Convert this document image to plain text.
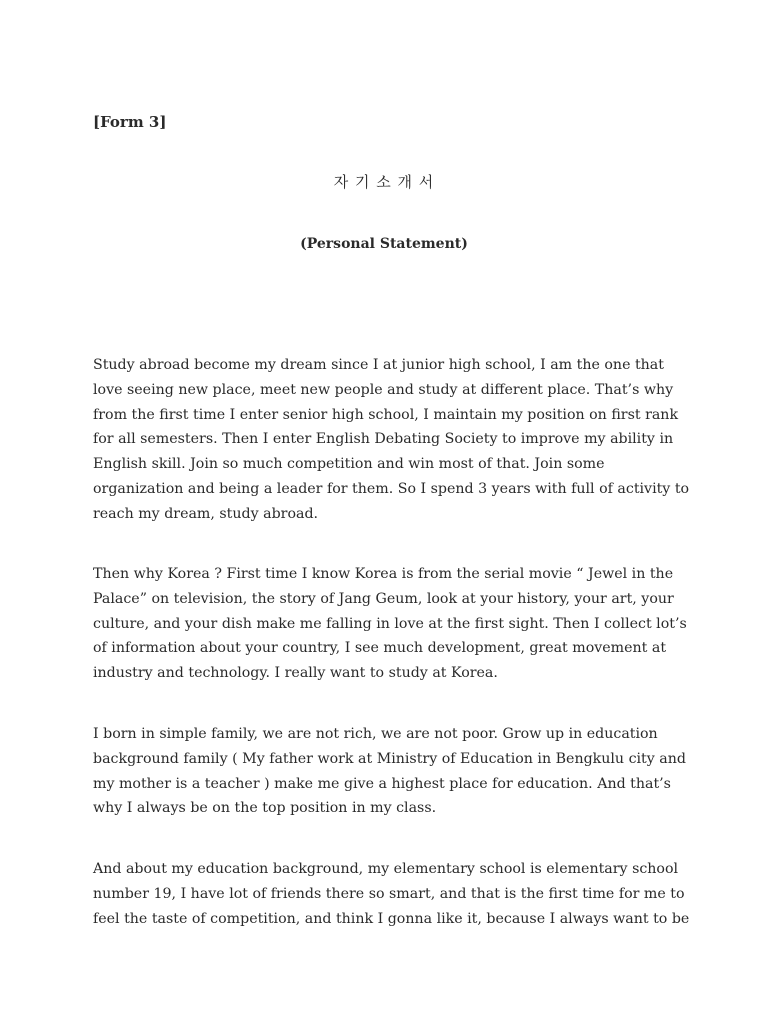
[Form 3]
자 기 소 개 서
(Personal Statement)

Study abroad become my dream since I at junior high school, I am the one that
love seeing new place, meet new people and study at different place. That’s why
from the first time I enter senior high school, I maintain my position on first rank
for all semesters. Then I enter English Debating Society to improve my ability in
English skill. Join so much competition and win most of that. Join some
organization and being a leader for them. So I spend 3 years with full of activity to
reach my dream, study abroad.

Then why Korea ? First time I know Korea is from the serial movie “ Jewel in the
Palace” on television, the story of Jang Geum, look at your history, your art, your
culture, and your dish make me falling in love at the first sight. Then I collect lot’s
of information about your country, I see much development, great movement at
industry and technology. I really want to study at Korea.

I born in simple family, we are not rich, we are not poor. Grow up in education
background family ( My father work at Ministry of Education in Bengkulu city and
my mother is a teacher ) make me give a highest place for education. And that’s
why I always be on the top position in my class.

And about my education background, my elementary school is elementary school
number 19, I have lot of friends there so smart, and that is the first time for me to
feel the taste of competition, and think I gonna like it, because I always want to be
